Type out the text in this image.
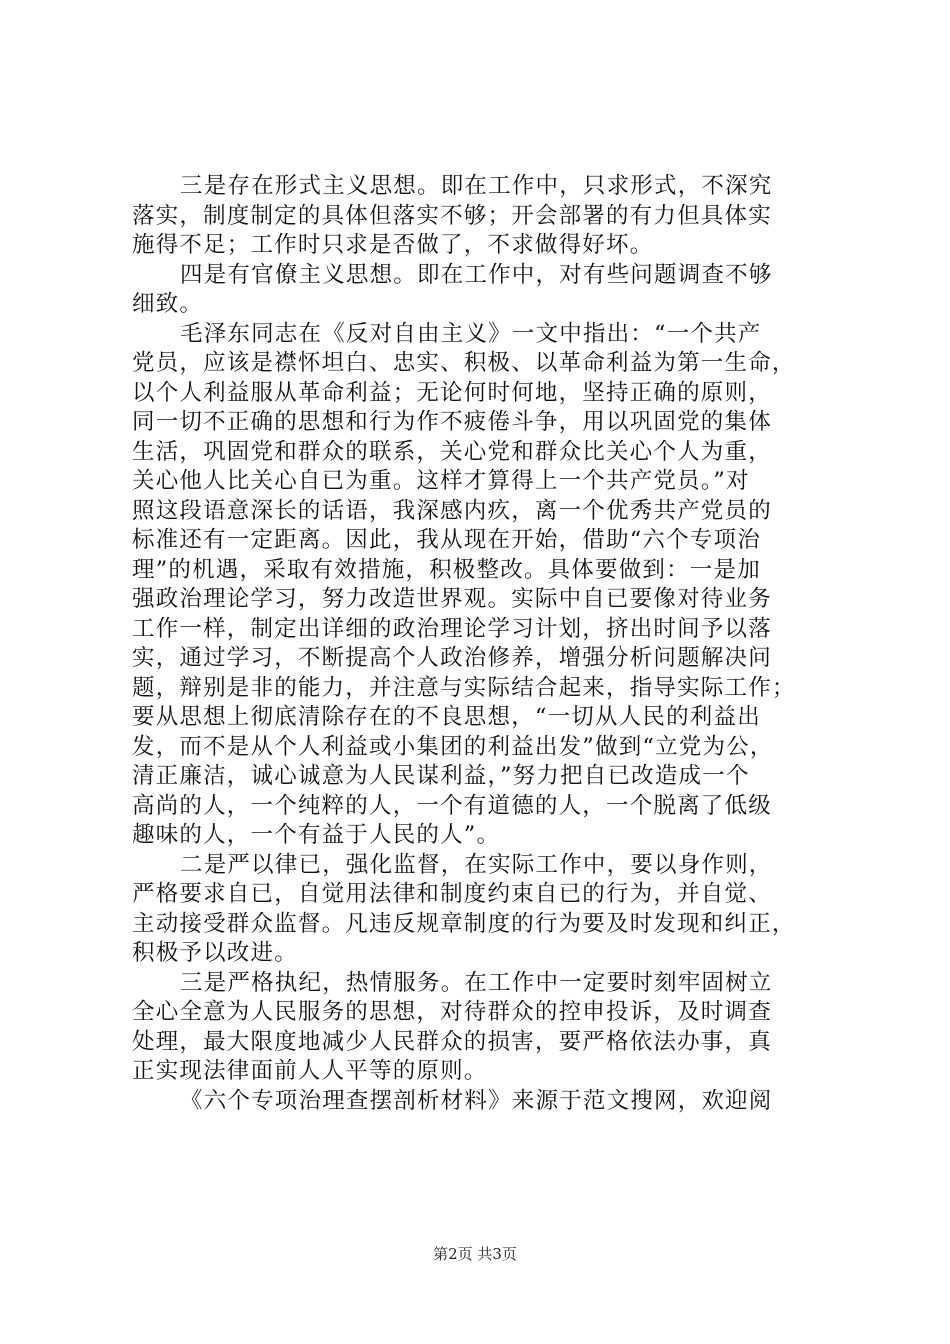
三是存在形式主义思想。即在工作中，只求形式，不深究
落实，制度制定的具体但落实不够；开会部署的有力但具体实
施得不足；工作时只求是否做了，不求做得好坏。
四是有官僚主义思想。即在工作中，对有些问题调查不够
细致。
毛泽东同志在《反对自由主义》一文中指出：“一个共产
党员，应该是襟怀坦白、忠实、积极、以革命利益为第一生命，
以个人利益服从革命利益；无论何时何地，坚持正确的原则，
同一切不正确的思想和行为作不疲倦斗争，用以巩固党的集体
生活，巩固党和群众的联系，关心党和群众比关心个人为重，
关心他人比关心自已为重。这样才算得上一个共产党员。”对
照这段语意深长的话语，我深感内疚，离一个优秀共产党员的
标准还有一定距离。因此，我从现在开始，借助“六个专项治
理”的机遇，采取有效措施，积极整改。具体要做到：一是加
强政治理论学习，努力改造世界观。实际中自已要像对待业务
工作一样，制定出详细的政治理论学习计划，挤出时间予以落
实，通过学习，不断提高个人政治修养，增强分析问题解决问
题，辩别是非的能力，并注意与实际结合起来，指导实际工作；
要从思想上彻底清除存在的不良思想，“一切从人民的利益出
发，而不是从个人利益或小集团的利益出发”做到“立党为公，
清正廉洁，诚心诚意为人民谋利益，”努力把自已改造成一个
高尚的人，一个纯粹的人，一个有道德的人，一个脱离了低级
趣味的人，一个有益于人民的人”。
二是严以律已，强化监督，在实际工作中，要以身作则，
严格要求自已，自觉用法律和制度约束自已的行为，并自觉、
主动接受群众监督。凡违反规章制度的行为要及时发现和纠正，
积极予以改进。
三是严格执纪，热情服务。在工作中一定要时刻牢固树立
全心全意为人民服务的思想，对待群众的控申投诉，及时调查
处理，最大限度地减少人民群众的损害，要严格依法办事，真
正实现法律面前人人平等的原则。
《六个专项治理查摆剖析材料》来源于范文搜网，欢迎阅
第2页 共3页
